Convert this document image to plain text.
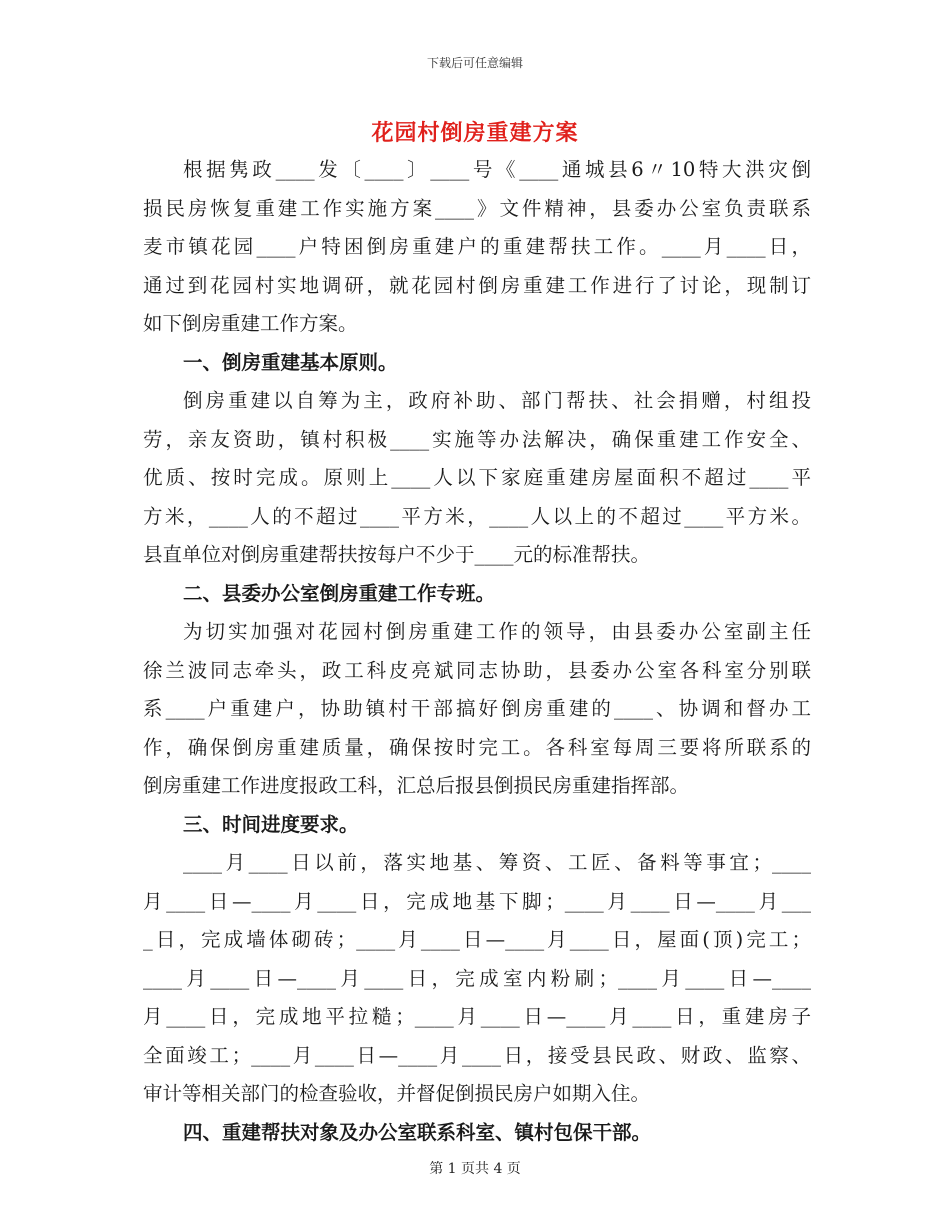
下载后可任意编辑
花园村倒房重建方案
根据隽政____发〔____〕____号《____通城县6〃10特大洪灾倒
损民房恢复重建工作实施方案____》文件精神，县委办公室负责联系
麦市镇花园____户特困倒房重建户的重建帮扶工作。____月____日，
通过到花园村实地调研，就花园村倒房重建工作进行了讨论，现制订
如下倒房重建工作方案。
一、倒房重建基本原则。
倒房重建以自筹为主，政府补助、部门帮扶、社会捐赠，村组投
劳，亲友资助，镇村积极____实施等办法解决，确保重建工作安全、
优质、按时完成。原则上____人以下家庭重建房屋面积不超过____平
方米，____人的不超过____平方米，____人以上的不超过____平方米。
县直单位对倒房重建帮扶按每户不少于____元的标准帮扶。
二、县委办公室倒房重建工作专班。
为切实加强对花园村倒房重建工作的领导，由县委办公室副主任
徐兰波同志牵头，政工科皮亮斌同志协助，县委办公室各科室分别联
系____户重建户，协助镇村干部搞好倒房重建的____、协调和督办工
作，确保倒房重建质量，确保按时完工。各科室每周三要将所联系的
倒房重建工作进度报政工科，汇总后报县倒损民房重建指挥部。
三、时间进度要求。
____月____日以前，落实地基、筹资、工匠、备料等事宜；____
月____日—____月____日，完成地基下脚；____月____日—____月___
_日，完成墙体砌砖；____月____日—____月____日，屋面(顶)完工；
____月____日—____月____日，完成室内粉刷；____月____日—____
月____日，完成地平拉糙；____月____日—____月____日，重建房子
全面竣工；____月____日—____月____日，接受县民政、财政、监察、
审计等相关部门的检查验收，并督促倒损民房户如期入住。
四、重建帮扶对象及办公室联系科室、镇村包保干部。
第 1 页共 4 页
